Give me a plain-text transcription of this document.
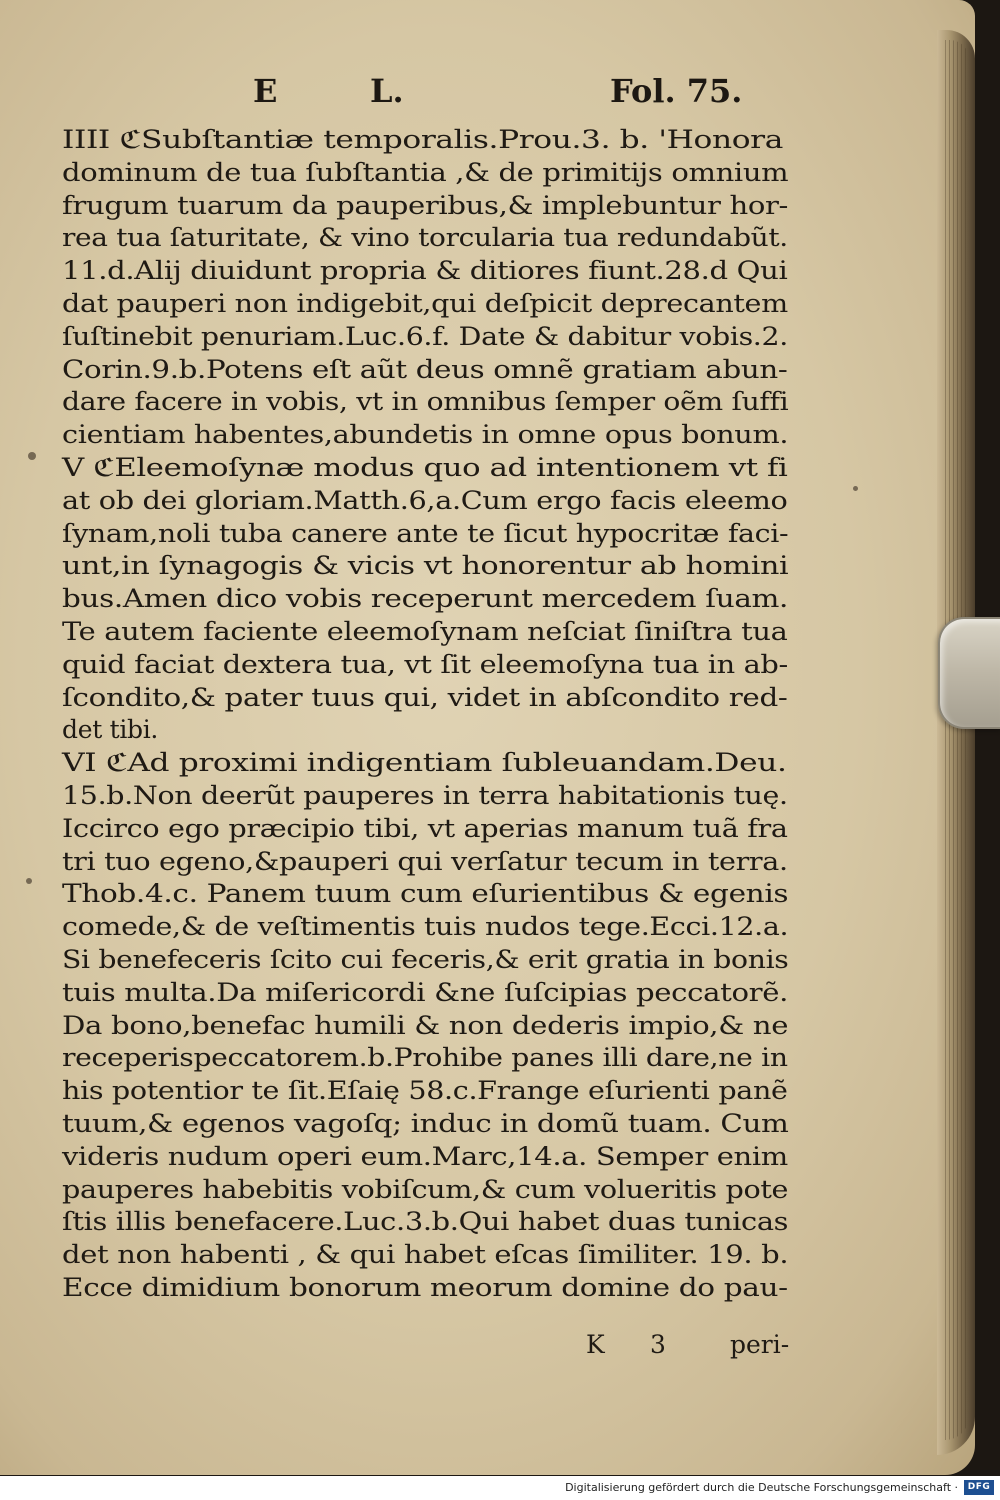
E	L.	Fol. 75.
IIII ℭSubſtantiæ temporalis.Prou.3. b. 'Honora
dominum de tua ſubſtantia ,& de primitijs omnium
frugum tuarum da pauperibus,& implebuntur hor-
rea tua ſaturitate, & vino torcularia tua redundabũt.
11.d.Alij diuidunt propria & ditiores fiunt.28.d Qui
dat pauperi non indigebit,qui deſpicit deprecantem
ſuſtinebit penuriam.Luc.6.f. Date & dabitur vobis.2.
Corin.9.b.Potens eſt aũt deus omnẽ gratiam abun-
dare facere in vobis, vt in omnibus ſemper oẽm ſuffi
cientiam habentes,abundetis in omne opus bonum.
V ℭEleemoſynæ modus quo ad intentionem vt fi
at ob dei gloriam.Matth.6,a.Cum ergo facis eleemo
ſynam,noli tuba canere ante te ſicut hypocritæ faci-
unt,in ſynagogis & vicis vt honorentur ab homini
bus.Amen dico vobis receperunt mercedem ſuam.
Te autem faciente eleemoſynam neſciat ſiniſtra tua
quid faciat dextera tua, vt ſit eleemoſyna tua in ab-
ſcondito,& pater tuus qui, videt in abſcondito red-
det tibi.
VI ℭAd proximi indigentiam ſubleuandam.Deu.
15.b.Non deerũt pauperes in terra habitationis tuę.
Iccirco ego præcipio tibi, vt aperias manum tuã fra
tri tuo egeno,&pauperi qui verſatur tecum in terra.
Thob.4.c. Panem tuum cum eſurientibus & egenis
comede,& de veſtimentis tuis nudos tege.Ecci.12.a.
Si benefeceris ſcito cui feceris,& erit gratia in bonis
tuis multa.Da miſericordi &ne ſuſcipias peccatorẽ.
Da bono,benefac humili & non dederis impio,& ne
receperispeccatorem.b.Prohibe panes illi dare,ne in
his potentior te ſit.Eſaię 58.c.Frange eſurienti panẽ
tuum,& egenos vagoſq; induc in domũ tuam. Cum
videris nudum operi eum.Marc,14.a. Semper enim
pauperes habebitis vobiſcum,& cum volueritis pote
ſtis illis benefacere.Luc.3.b.Qui habet duas tunicas
det non habenti , & qui habet eſcas ſimiliter. 19. b.
Ecce dimidium bonorum meorum domine do pau-
K 3	peri-
Digitalisierung gefördert durch die Deutsche Forschungsgemeinschaft ·	DFG
